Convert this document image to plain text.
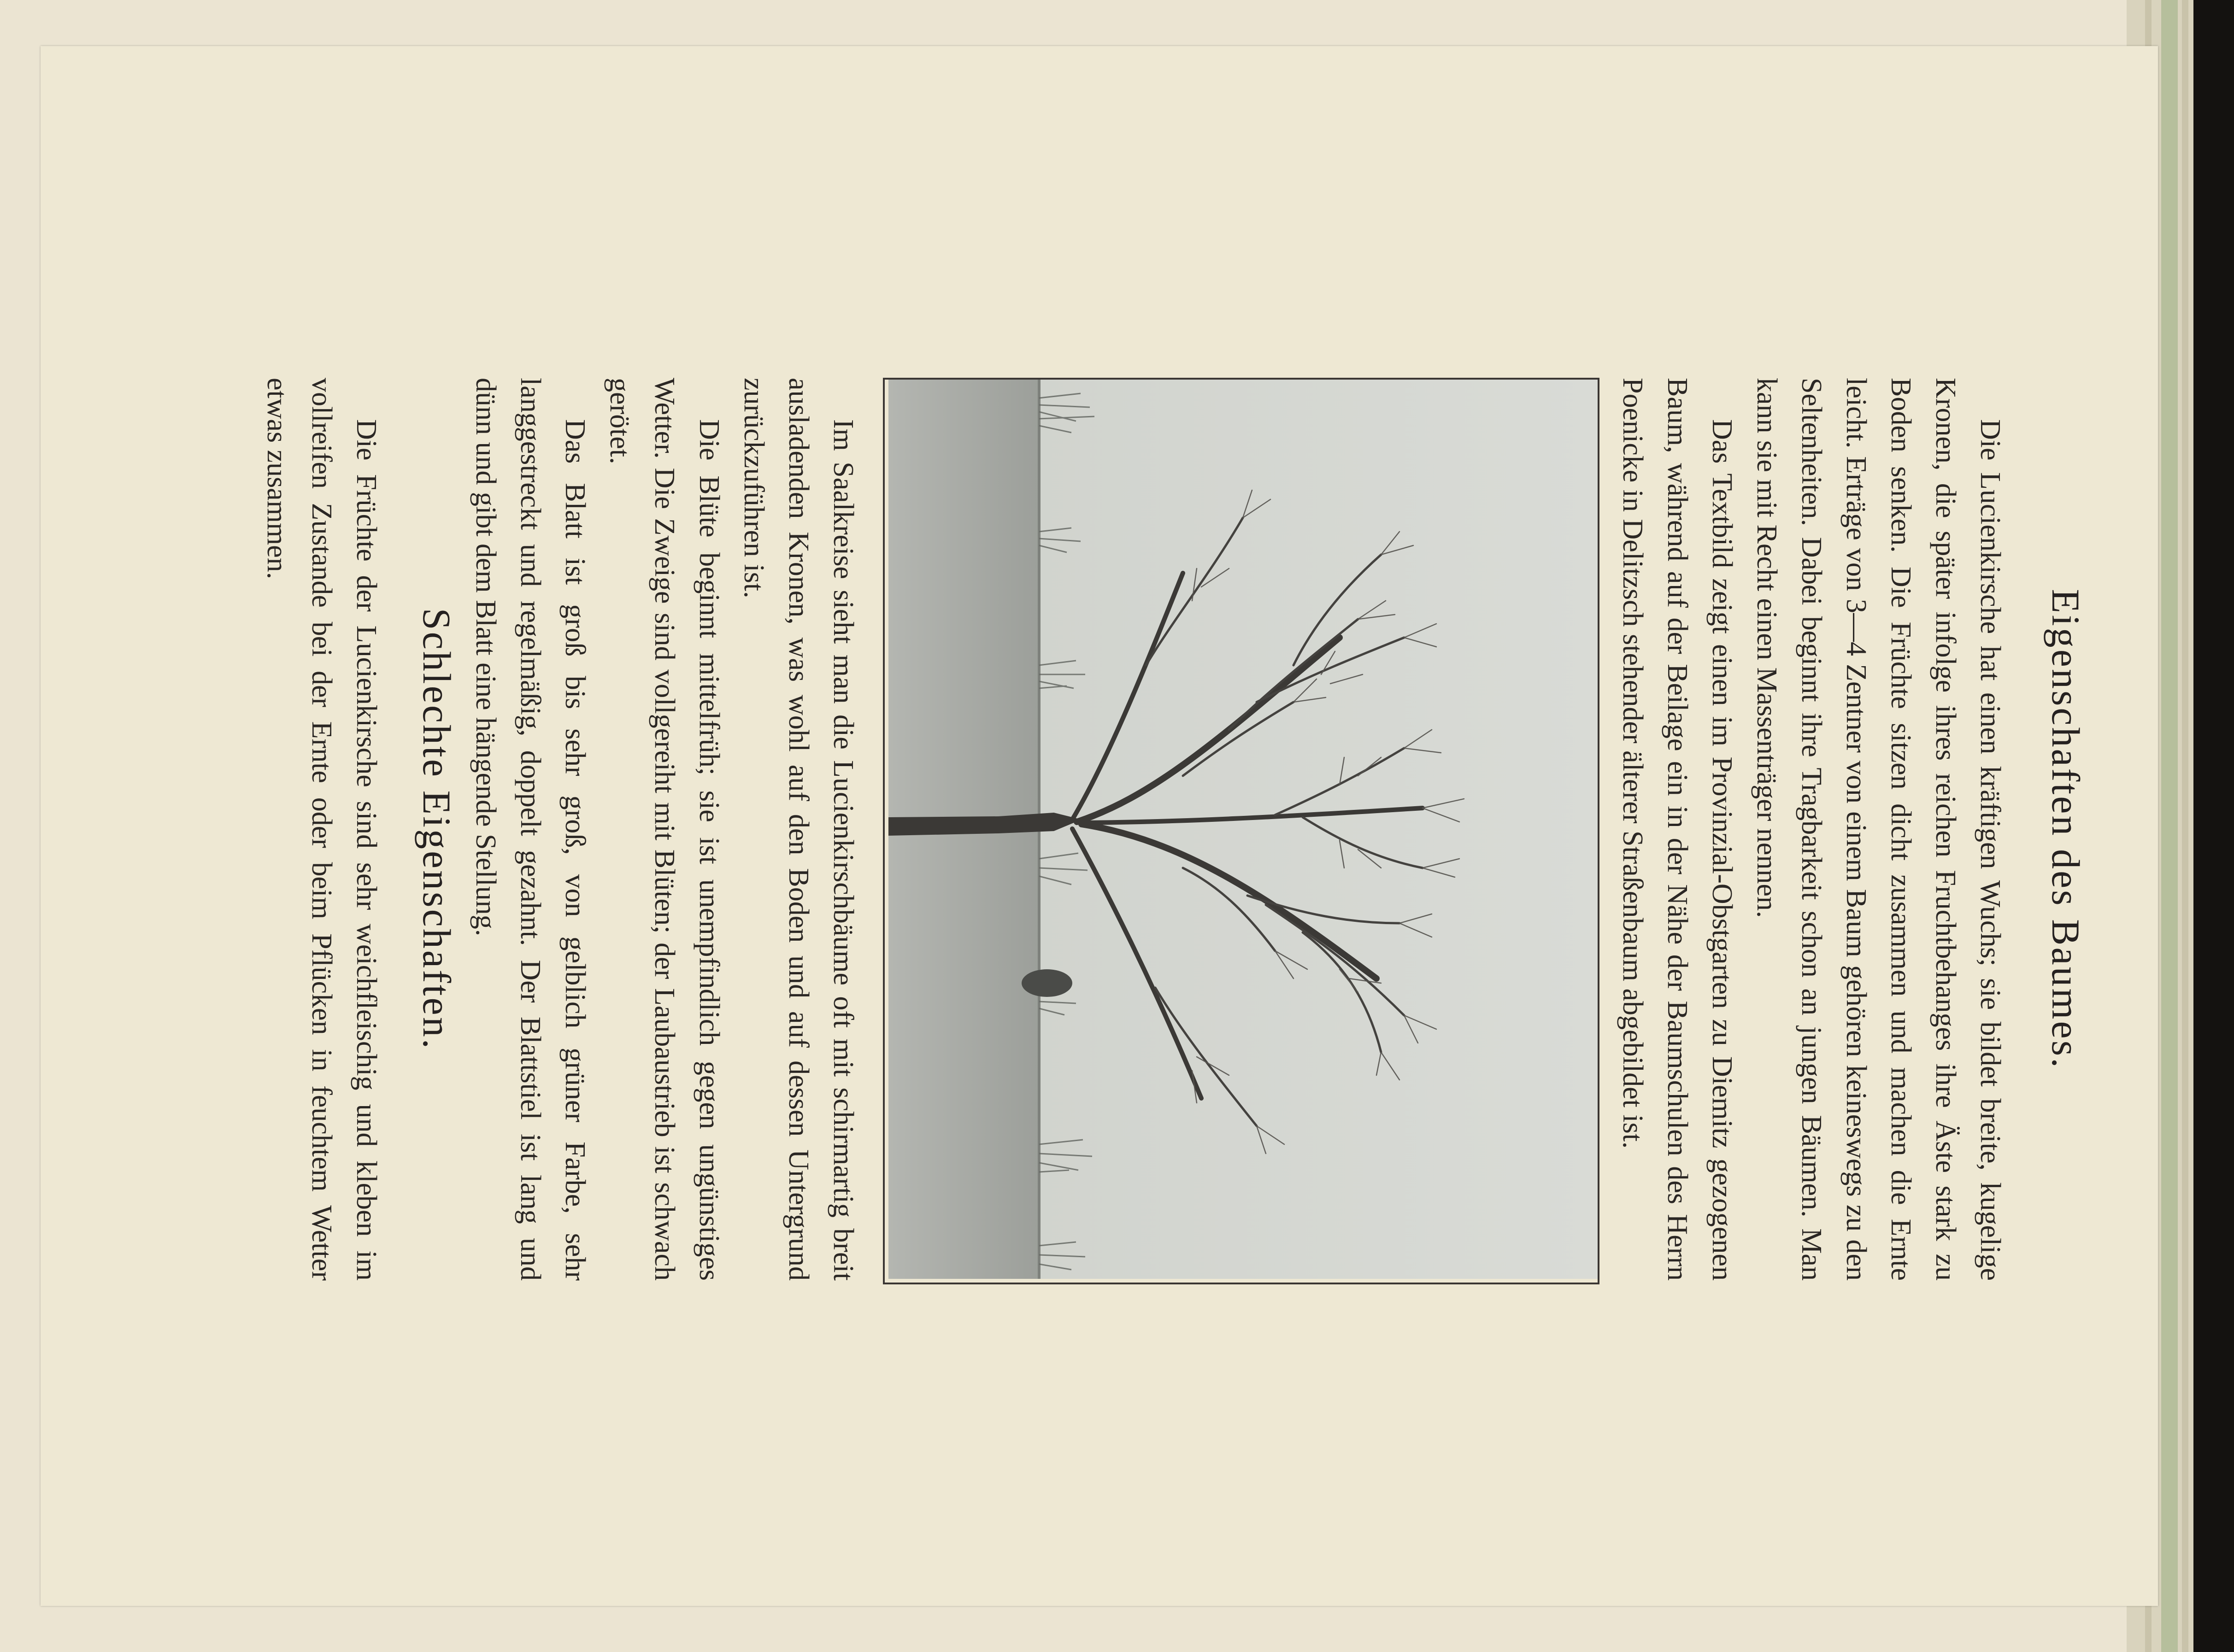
Eigenschaften des Baumes.

Die Lucienkirsche hat einen kräftigen Wuchs; sie bildet breite, kugelige Kronen, die später infolge ihres reichen Fruchtbehanges ihre Äste stark zu Boden senken. Die Früchte sitzen dicht zusammen und machen die Ernte leicht. Erträge von 3—4 Zentner von einem Baum gehören keineswegs zu den Seltenheiten. Dabei beginnt ihre Tragbarkeit schon an jungen Bäumen. Man kann sie mit Recht einen Massenträger nennen.

Das Textbild zeigt einen im Provinzial-Obstgarten zu Diemitz gezogenen Baum, während auf der Beilage ein in der Nähe der Baumschulen des Herrn Poenicke in Delitzsch stehender älterer Straßenbaum abgebildet ist.

Im Saalkreise sieht man die Lucienkirschbäume oft mit schirmartig breit ausladenden Kronen, was wohl auf den Boden und auf dessen Untergrund zurückzuführen ist.

Die Blüte beginnt mittelfrüh; sie ist unempfindlich gegen ungünstiges Wetter. Die Zweige sind vollgereiht mit Blüten; der Laubaustrieb ist schwach gerötet.

Das Blatt ist groß bis sehr groß, von gelblich grüner Farbe, sehr langgestreckt und regelmäßig, doppelt gezahnt. Der Blattstiel ist lang und dünn und gibt dem Blatt eine hängende Stellung.

Schlechte Eigenschaften.

Die Früchte der Lucienkirsche sind sehr weichfleischig und kleben im vollreifen Zustande bei der Ernte oder beim Pflücken in feuchtem Wetter etwas zusammen.
